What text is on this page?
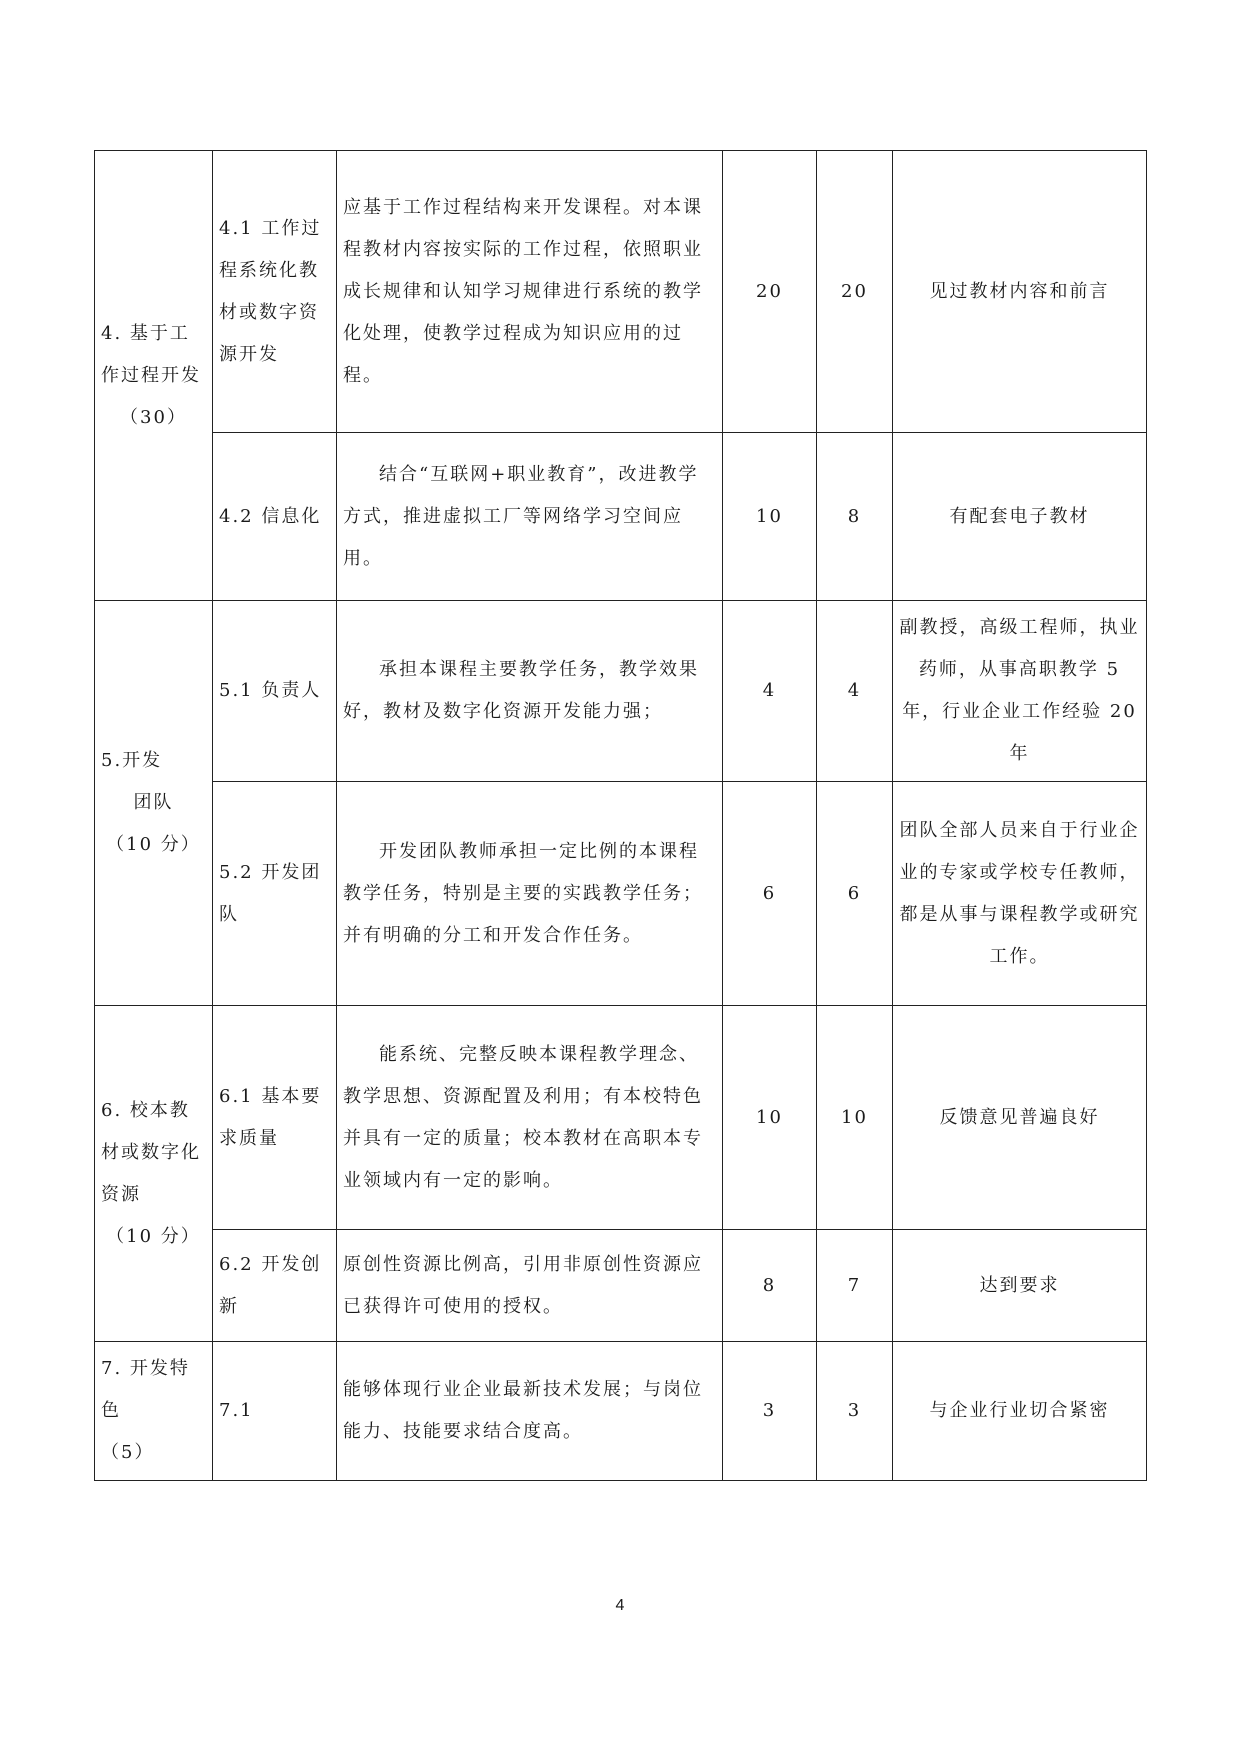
4. 基于工作过程开发

（30）	4.1 工作过程系统化教材或数字资源开发	应基于工作过程结构来开发课程。对本课程教材内容按实际的工作过程，依照职业成长规律和认知学习规律进行系统的教学化处理，使教学过程成为知识应用的过程。	20	20	见过教材内容和前言
	4.2 信息化	结合“互联网+职业教育”，改进教学方式，推进虚拟工厂等网络学习空间应用。	10	8	有配套电子教材
5.开发

团队
（10 分）	5.1 负责人	承担本课程主要教学任务，教学效果好，教材及数字化资源开发能力强；	4	4	副教授，高级工程师，执业药师，从事高职教学 5 年，行业企业工作经验 20 年
	5.2 开发团队	开发团队教师承担一定比例的本课程教学任务，特别是主要的实践教学任务；并有明确的分工和开发合作任务。	6	6	团队全部人员来自于行业企业的专家或学校专任教师，都是从事与课程教学或研究工作。
6. 校本教材或数字化资源

（10 分）	6.1 基本要求质量	能系统、完整反映本课程教学理念、教学思想、资源配置及利用；有本校特色并具有一定的质量；校本教材在高职本专业领域内有一定的影响。	10	10	反馈意见普遍良好
	6.2 开发创新	原创性资源比例高，引用非原创性资源应已获得许可使用的授权。	8	7	达到要求
7. 开发特色
（5）	7.1	能够体现行业企业最新技术发展；与岗位能力、技能要求结合度高。	3	3	与企业行业切合紧密
4
